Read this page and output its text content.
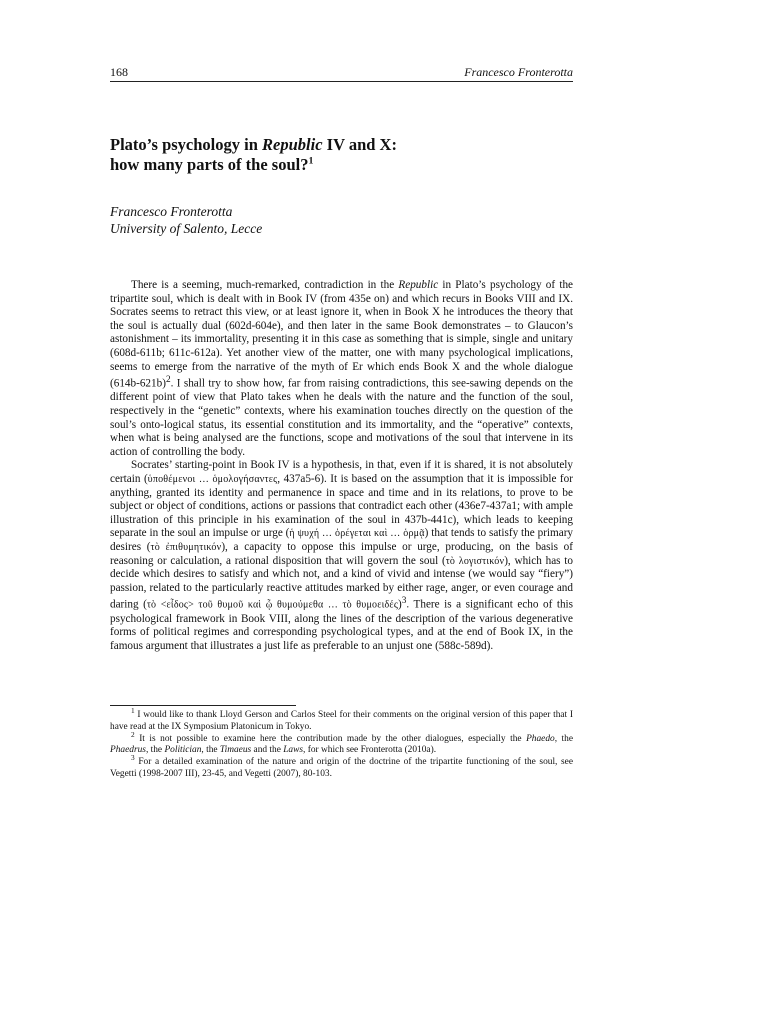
168	Francesco Fronterotta
Plato’s psychology in Republic IV and X:
how many parts of the soul?$^1$
Francesco Fronterotta
University of Salento, Lecce

There is a seeming, much-remarked, contradiction in the Republic in Plato’s psychology of the tripartite soul, which is dealt with in Book IV (from 435e on) and which recurs in Books VIII and IX. Socrates seems to retract this view, or at least ignore it, when in Book X he introduces the theory that the soul is actually dual (602d-604e), and then later in the same Book demonstrates – to Glaucon’s astonishment – its immortality, presenting it in this case as something that is simple, single and unitary (608d-611b; 611c-612a). Yet another view of the matter, one with many psychological implications, seems to emerge from the narrative of the myth of Er which ends Book X and the whole dialogue $(614b-621b)^2$. I shall try to show how, far from raising contradictions, this see-sawing depends on the different point of view that Plato takes when he deals with the nature and the function of the soul, respectively in the “genetic” contexts, where his examination touches directly on the question of the soul’s onto-logical status, its essential constitution and its immortality, and the “operative” contexts, when what is being analysed are the functions, scope and motivations of the soul that intervene in its action of controlling the body.

Socrates’ starting-point in Book IV is a hypothesis, in that, even if it is shared, it is not absolutely certain (ὑποθέμενοι … ὁμολογήσαντες, 437a5-6). It is based on the assumption that it is impossible for anything, granted its identity and permanence in space and time and in its relations, to prove to be subject or object of conditions, actions or passions that contradict each other (436e7-437a1; with ample illustration of this principle in his examination of the soul in 437b-441c), which leads to keeping separate in the soul an impulse or urge (ἡ ψυχή … ὀρέγεται καὶ … ὁρμᾷ) that tends to satisfy the primary desires (τὸ ἐπιθυμητικόν), a capacity to oppose this impulse or urge, producing, on the basis of reasoning or calculation, a rational disposition that will govern the soul (τὸ λογιστικόν), which has to decide which desires to satisfy and which not, and a kind of vivid and intense (we would say “fiery”) passion, related to the particularly reactive attitudes marked by either rage, anger, or even courage and daring (τὸ <εἶδος> τοῦ θυμοῦ καὶ ᾧ θυμούμεθα … τὸ θυμοειδές)$^3$. There is a significant echo of this psychological framework in Book VIII, along the lines of the description of the various degenerative forms of political regimes and corresponding psychological types, and at the end of Book IX, in the famous argument that illustrates a just life as preferable to an unjust one (588c-589d).

$^1$ I would like to thank Lloyd Gerson and Carlos Steel for their comments on the original version of this paper that I have read at the IX Symposium Platonicum in Tokyo.

$^2$ It is not possible to examine here the contribution made by the other dialogues, especially the Phaedo, the Phaedrus, the Politician, the Timaeus and the Laws, for which see Fronterotta (2010a).

$^3$ For a detailed examination of the nature and origin of the doctrine of the tripartite functioning of the soul, see Vegetti (1998-2007 III), 23-45, and Vegetti (2007), 80-103.
